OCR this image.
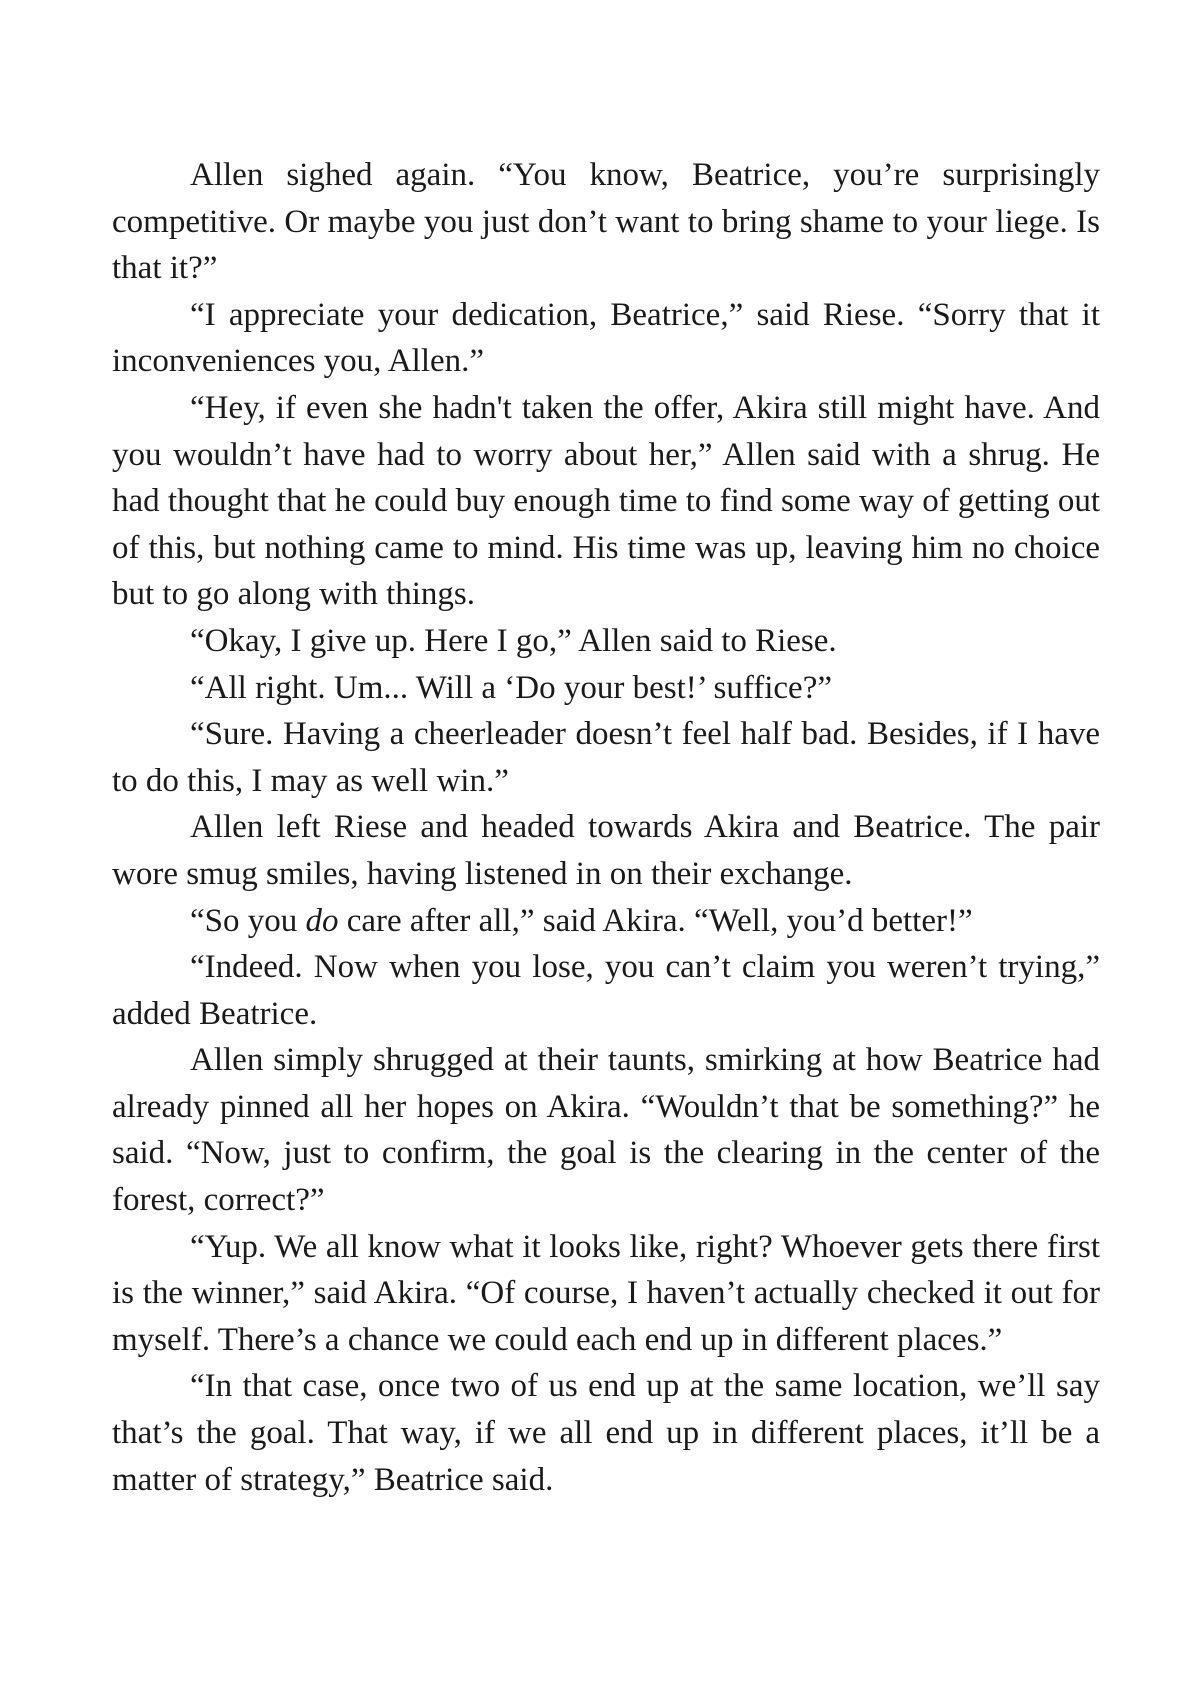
Allen sighed again. “You know, Beatrice, you’re surprisingly competitive. Or maybe you just don’t want to bring shame to your liege. Is that it?”

“I appreciate your dedication, Beatrice,” said Riese. “Sorry that it inconveniences you, Allen.”

“Hey, if even she hadn't taken the offer, Akira still might have. And you wouldn’t have had to worry about her,” Allen said with a shrug. He had thought that he could buy enough time to find some way of getting out of this, but nothing came to mind. His time was up, leaving him no choice but to go along with things.

“Okay, I give up. Here I go,” Allen said to Riese.

“All right. Um... Will a ‘Do your best!’ suffice?”

“Sure. Having a cheerleader doesn’t feel half bad. Besides, if I have to do this, I may as well win.”

Allen left Riese and headed towards Akira and Beatrice. The pair wore smug smiles, having listened in on their exchange.

“So you do care after all,” said Akira. “Well, you’d better!”

“Indeed. Now when you lose, you can’t claim you weren’t trying,” added Beatrice.

Allen simply shrugged at their taunts, smirking at how Beatrice had already pinned all her hopes on Akira. “Wouldn’t that be something?” he said. “Now, just to confirm, the goal is the clearing in the center of the forest, correct?”

“Yup. We all know what it looks like, right? Whoever gets there first is the winner,” said Akira. “Of course, I haven’t actually checked it out for myself. There’s a chance we could each end up in different places.”

“In that case, once two of us end up at the same location, we’ll say that’s the goal. That way, if we all end up in different places, it’ll be a matter of strategy,” Beatrice said.
